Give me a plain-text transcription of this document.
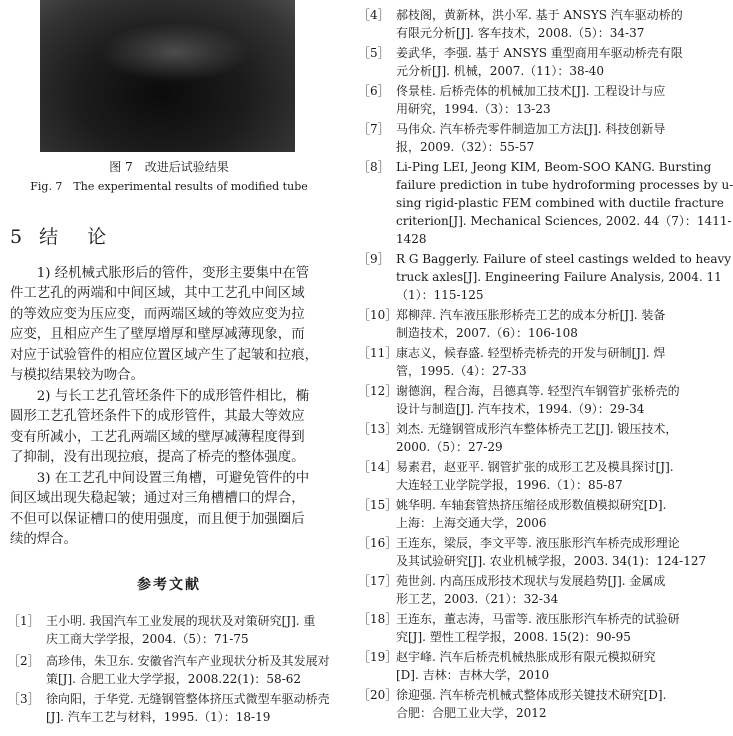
图 7　改进后试验结果
Fig. 7　The experimental results of modified tube
5 结　论
　　1) 经机械式胀形后的管件，变形主要集中在管
件工艺孔的两端和中间区域，其中工艺孔中间区域
的等效应变为压应变，而两端区域的等效应变为拉
应变，且相应产生了壁厚增厚和壁厚减薄现象，而
对应于试验管件的相应位置区域产生了起皱和拉痕，
与模拟结果较为吻合。
　　2) 与长工艺孔管坯条件下的成形管件相比，椭
圆形工艺孔管坯条件下的成形管件，其最大等效应
变有所减小，工艺孔两端区域的壁厚减薄程度得到
了抑制，没有出现拉痕，提高了桥壳的整体强度。
　　3) 在工艺孔中间设置三角槽，可避免管件的中
间区域出现失稳起皱；通过对三角槽槽口的焊合，
不但可以保证槽口的使用强度，而且便于加强圈后
续的焊合。
参考文献
［1］ 王小明. 我国汽车工业发展的现状及对策研究[J]. 重
庆工商大学学报，2004.（5）：71-75
［2］ 高珍伟，朱卫东. 安徽省汽车产业现状分析及其发展对
策[J]. 合肥工业大学学报，2008.22(1)：58-62
［3］ 徐向阳，于华党. 无缝钢管整体挤压式微型车驱动桥壳
[J]. 汽车工艺与材料，1995.（1）：18-19
［4］ 郝枝阁，黄新林，洪小军. 基于 ANSYS 汽车驱动桥的
有限元分析[J]. 客车技术，2008.（5）：34-37
［5］ 姜武华，李强. 基于 ANSYS 重型商用车驱动桥壳有限
元分析[J]. 机械，2007.（11）：38-40
［6］ 佟景桂. 后桥壳体的机械加工技术[J]. 工程设计与应
用研究，1994.（3）：13-23
［7］ 马伟众. 汽车桥壳零件制造加工方法[J]. 科技创新导
报，2009.（32）：55-57
［8］ Li-Ping LEI, Jeong KIM, Beom-SOO KANG. Bursting
failure prediction in tube hydroforming processes by u-
sing rigid-plastic FEM combined with ductile fracture
criterion[J]. Mechanical Sciences, 2002. 44（7）：1411-
1428
［9］ R G Baggerly. Failure of steel castings welded to heavy
truck axles[J]. Engineering Failure Analysis, 2004. 11
（1）：115-125
［10］
郑柳萍. 汽车液压胀形桥壳工艺的成本分析[J]. 装备
制造技术，2007.（6）：106-108
［11］
康志义，候春盛. 轻型桥壳桥壳的开发与研制[J]. 焊
管，1995.（4）：27-33
［12］
谢德润，程合海，吕德真等. 轻型汽车钢管扩张桥壳的
设计与制造[J]. 汽车技术，1994.（9）：29-34
［13］
刘杰. 无缝钢管成形汽车整体桥壳工艺[J]. 锻压技术，
2000.（5）：27-29
［14］
易素君，赵亚平. 钢管扩张的成形工艺及模具探讨[J].
大连轻工业学院学报，1996.（1）：85-87
［15］
姚华明. 车轴套管热挤压缩径成形数值模拟研究[D].
上海：上海交通大学，2006
［16］
王连东，梁辰，李文平等. 液压胀形汽车桥壳成形理论
及其试验研究[J]. 农业机械学报，2003. 34(1)：124-127
［17］
苑世剑. 内高压成形技术现状与发展趋势[J]. 金属成
形工艺，2003.（21）：32-34
［18］
王连东，董志涛，马雷等. 液压胀形汽车桥壳的试验研
究[J]. 塑性工程学报，2008. 15(2)：90-95
［19］
赵宇峰. 汽车后桥壳机械热胀成形有限元模拟研究
[D]. 吉林：吉林大学，2010
［20］
徐迎强. 汽车桥壳机械式整体成形关键技术研究[D].
合肥：合肥工业大学，2012
